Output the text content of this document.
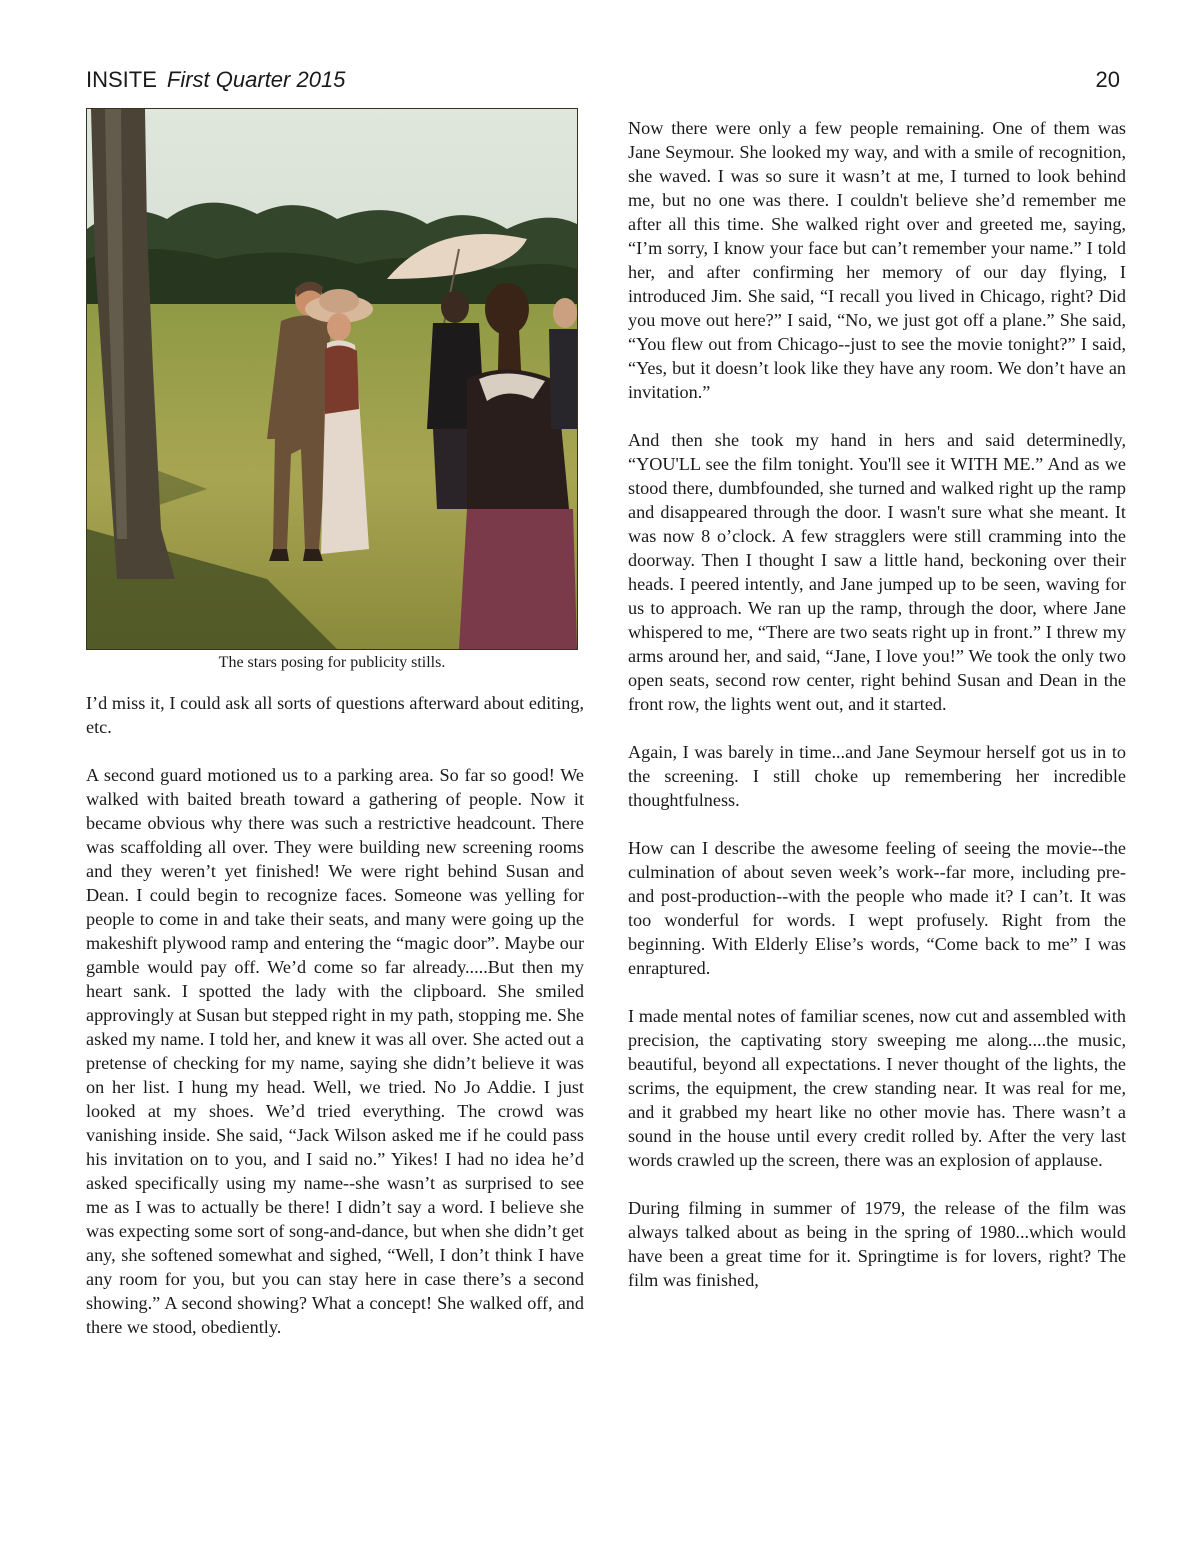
INSITE First Quarter 2015	20
The stars posing for publicity stills.

I’d miss it, I could ask all sorts of questions afterward about editing, etc.

A second guard motioned us to a parking area. So far so good! We walked with baited breath toward a gathering of people. Now it became obvious why there was such a restrictive headcount. There was scaffolding all over. They were building new screening rooms and they weren’t yet finished! We were right behind Susan and Dean. I could begin to recognize faces. Someone was yelling for people to come in and take their seats, and many were going up the makeshift plywood ramp and entering the “magic door”. Maybe our gamble would pay off. We’d come so far already.....But then my heart sank. I spotted the lady with the clipboard. She smiled approvingly at Susan but stepped right in my path, stopping me. She asked my name. I told her, and knew it was all over. She acted out a pretense of checking for my name, saying she didn’t believe it was on her list. I hung my head. Well, we tried. No Jo Addie. I just looked at my shoes. We’d tried everything. The crowd was vanishing inside. She said, “Jack Wilson asked me if he could pass his invitation on to you, and I said no.” Yikes! I had no idea he’d asked specifically using my name--she wasn’t as surprised to see me as I was to actually be there! I didn’t say a word. I believe she was expecting some sort of song-and-dance, but when she didn’t get any, she softened somewhat and sighed, “Well, I don’t think I have any room for you, but you can stay here in case there’s a second showing.” A second showing? What a concept! She walked off, and there we stood, obediently.

Now there were only a few people remaining. One of them was Jane Seymour. She looked my way, and with a smile of recognition, she waved. I was so sure it wasn’t at me, I turned to look behind me, but no one was there. I couldn't believe she’d remember me after all this time. She walked right over and greeted me, saying, “I’m sorry, I know your face but can’t remember your name.” I told her, and after confirming her memory of our day flying, I introduced Jim. She said, “I recall you lived in Chicago, right? Did you move out here?” I said, “No, we just got off a plane.” She said, “You flew out from Chicago--just to see the movie tonight?” I said, “Yes, but it doesn’t look like they have any room. We don’t have an invitation.”

And then she took my hand in hers and said determinedly, “YOU'LL see the film tonight. You'll see it WITH ME.” And as we stood there, dumbfounded, she turned and walked right up the ramp and disappeared through the door. I wasn't sure what she meant. It was now 8 o’clock. A few stragglers were still cramming into the doorway. Then I thought I saw a little hand, beckoning over their heads. I peered intently, and Jane jumped up to be seen, waving for us to approach. We ran up the ramp, through the door, where Jane whispered to me, “There are two seats right up in front.” I threw my arms around her, and said, “Jane, I love you!” We took the only two open seats, second row center, right behind Susan and Dean in the front row, the lights went out, and it started.

Again, I was barely in time...and Jane Seymour herself got us in to the screening. I still choke up remembering her incredible thoughtfulness.

How can I describe the awesome feeling of seeing the movie--the culmination of about seven week’s work--far more, including pre- and post-production--with the people who made it? I can’t. It was too wonderful for words. I wept profusely. Right from the beginning. With Elderly Elise’s words, “Come back to me” I was enraptured.

I made mental notes of familiar scenes, now cut and assembled with precision, the captivating story sweeping me along....the music, beautiful, beyond all expectations. I never thought of the lights, the scrims, the equipment, the crew standing near. It was real for me, and it grabbed my heart like no other movie has. There wasn’t a sound in the house until every credit rolled by. After the very last words crawled up the screen, there was an explosion of applause.

During filming in summer of 1979, the release of the film was always talked about as being in the spring of 1980...which would have been a great time for it. Springtime is for lovers, right? The film was finished,
